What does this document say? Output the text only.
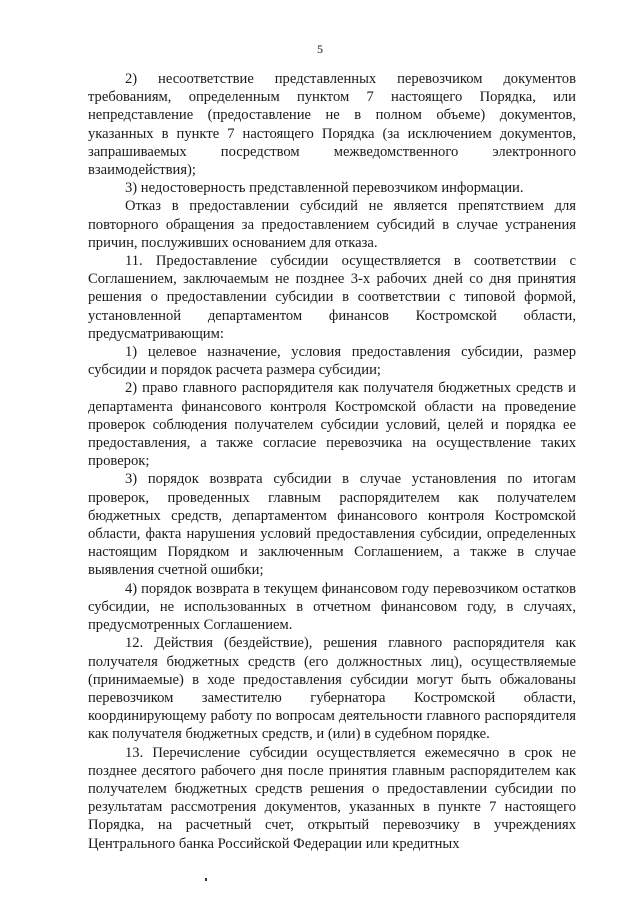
5

2) несоответствие представленных перевозчиком документов требованиям, определенным пунктом 7 настоящего Порядка, или непредставление (предоставление не в полном объеме) документов, указанных в пункте 7 настоящего Порядка (за исключением документов, запрашиваемых посредством межведомственного электронного взаимодействия);

3) недостоверность представленной перевозчиком информации.

Отказ в предоставлении субсидий не является препятствием для повторного обращения за предоставлением субсидий в случае устранения причин, послуживших основанием для отказа.

11. Предоставление субсидии осуществляется в соответствии с Соглашением, заключаемым не позднее 3-х рабочих дней со дня принятия решения о предоставлении субсидии в соответствии с типовой формой, установленной департаментом финансов Костромской области, предусматривающим:

1) целевое назначение, условия предоставления субсидии, размер субсидии и порядок расчета размера субсидии;

2) право главного распорядителя как получателя бюджетных средств и департамента финансового контроля Костромской области на проведение проверок соблюдения получателем субсидии условий, целей и порядка ее предоставления, а также согласие перевозчика на осуществление таких проверок;

3) порядок возврата субсидии в случае установления по итогам проверок, проведенных главным распорядителем как получателем бюджетных средств, департаментом финансового контроля Костромской области, факта нарушения условий предоставления субсидии, определенных настоящим Порядком и заключенным Соглашением, а также в случае выявления счетной ошибки;

4) порядок возврата в текущем финансовом году перевозчиком остатков субсидии, не использованных в отчетном финансовом году, в случаях, предусмотренных Соглашением.

12. Действия (бездействие), решения главного распорядителя как получателя бюджетных средств (его должностных лиц), осуществляемые (принимаемые) в ходе предоставления субсидии могут быть обжалованы перевозчиком заместителю губернатора Костромской области, координирующему работу по вопросам деятельности главного распорядителя как получателя бюджетных средств, и (или) в судебном порядке.

13. Перечисление субсидии осуществляется ежемесячно в срок не позднее десятого рабочего дня после принятия главным распорядителем как получателем бюджетных средств решения о предоставлении субсидии по результатам рассмотрения документов, указанных в пункте 7 настоящего Порядка, на расчетный счет, открытый перевозчику в учреждениях Центрального банка Российской Федерации или кредитных
